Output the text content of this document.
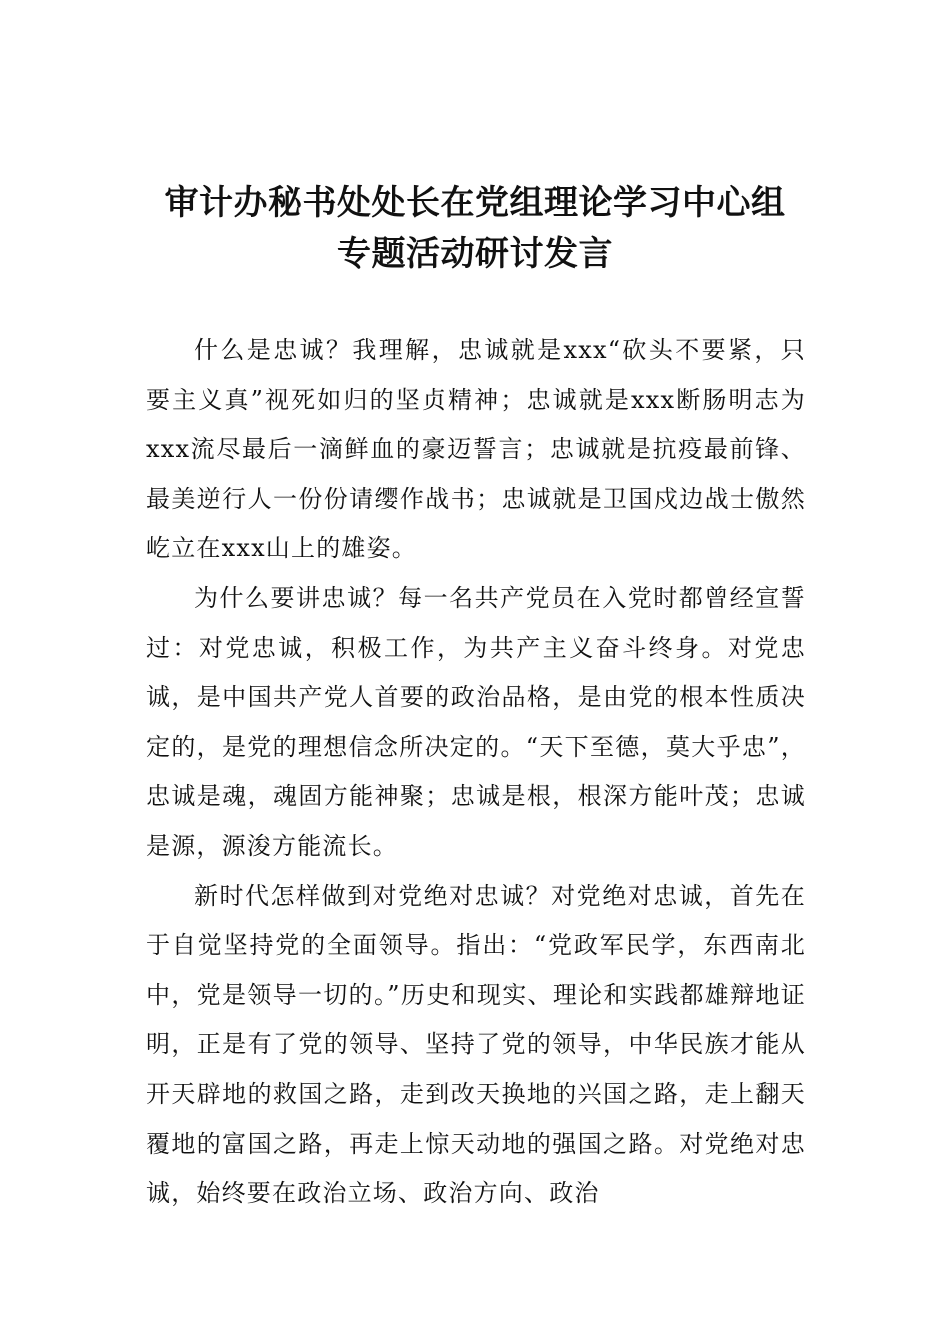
审计办秘书处处长在党组理论学习中心组
专题活动研讨发言

什么是忠诚？我理解，忠诚就是xxx“砍头不要紧，只要主义真”视死如归的坚贞精神；忠诚就是xxx断肠明志为xxx流尽最后一滴鲜血的豪迈誓言；忠诚就是抗疫最前锋、最美逆行人一份份请缨作战书；忠诚就是卫国戍边战士傲然屹立在xxx山上的雄姿。

为什么要讲忠诚？每一名共产党员在入党时都曾经宣誓过：对党忠诚，积极工作，为共产主义奋斗终身。对党忠诚，是中国共产党人首要的政治品格，是由党的根本性质决定的，是党的理想信念所决定的。“天下至德，莫大乎忠”，忠诚是魂，魂固方能神聚；忠诚是根，根深方能叶茂；忠诚是源，源浚方能流长。

新时代怎样做到对党绝对忠诚？对党绝对忠诚，首先在于自觉坚持党的全面领导。指出：“党政军民学，东西南北中，党是领导一切的。”历史和现实、理论和实践都雄辩地证明，正是有了党的领导、坚持了党的领导，中华民族才能从开天辟地的救国之路，走到改天换地的兴国之路，走上翻天覆地的富国之路，再走上惊天动地的强国之路。对党绝对忠诚，始终要在政治立场、政治方向、政治
